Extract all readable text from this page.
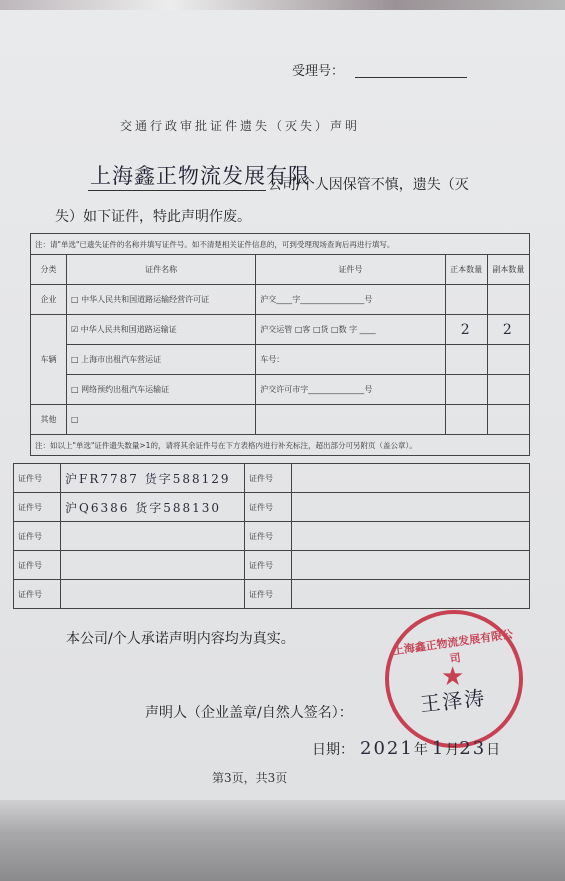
受理号：
交通行政审批证件遗失（灭失）声明
上海鑫正物流发展有限
公司/个人因保管不慎，遗失（灭
失）如下证件，特此声明作废。
注：请"单选"已遗失证件的名称并填写证件号。如不清楚相关证件信息的，可到受理现场查询后再进行填写。				
分类	证件名称	证件号	正本数量	副本数量
企业	□ 中华人民共和国道路运输经营许可证	沪交____字________________号		
车辆	☑ 中华人民共和国道路运输证	沪交运管 □客 □货 □数 字 ____	2	2
	□ 上海市出租汽车营运证	车号：		
	□ 网络预约出租汽车运输证	沪交许可市字______________号		
其他	□			
注：如以上"单选"证件遗失数量>1的，请将其余证件号在下方表格内进行补充标注，超出部分可另附页（盖公章）。				
证件号	沪FR7787 货字588129	证件号	
证件号	沪Q6386 货字588130	证件号	
证件号		证件号	
证件号		证件号	
证件号		证件号	
本公司/个人承诺声明内容均为真实。	上海鑫正物流发展有限公司
★
声明人（企业盖章/自然人签名）：	王泽涛
日期： 2021年 1月23日
第3页，共3页
